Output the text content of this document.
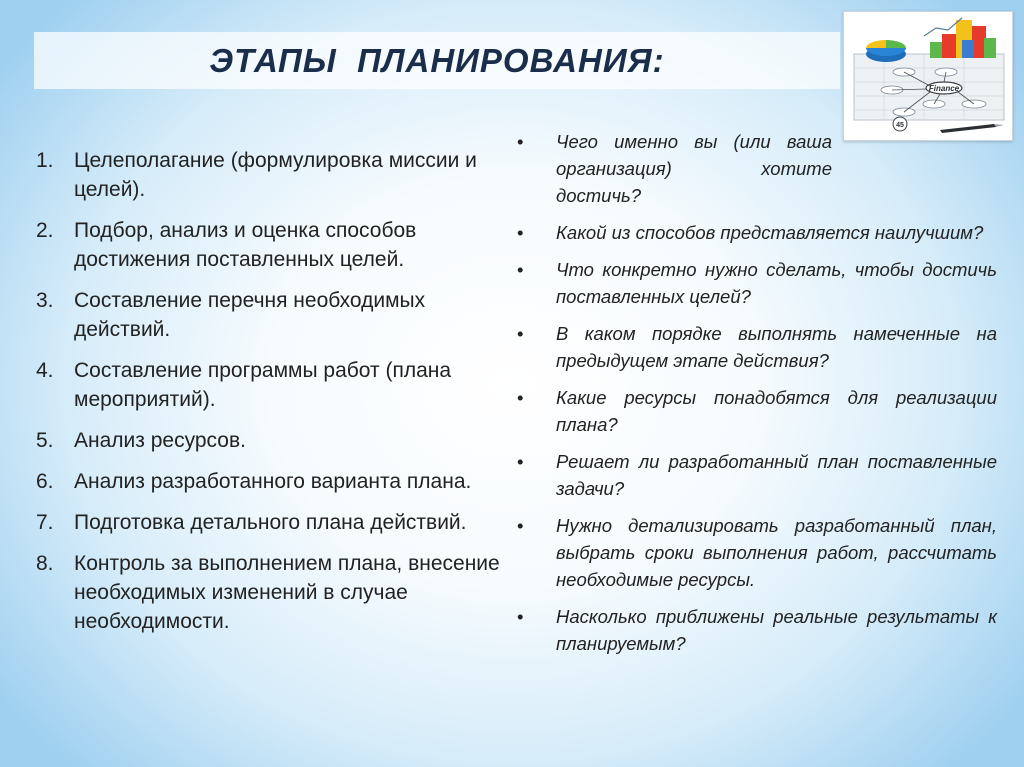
ЭТАПЫ  ПЛАНИРОВАНИЯ:
Finance
45
1. Целеполагание (формулировка миссии и целей).
2. Подбор, анализ и оценка способов достижения поставленных целей.
3. Составление перечня необходимых действий.
4. Составление программы работ (плана мероприятий).
5. Анализ ресурсов.
6. Анализ разработанного варианта плана.
7. Подготовка детального плана действий.
8. Контроль за выполнением плана, внесение необходимых изменений в случае необходимости.
•	Чего именно вы (или ваша организация) хотите достичь?
•	Какой из способов представляется наилучшим?
•	Что конкретно нужно сделать, чтобы достичь поставленных целей?
•	В каком порядке выполнять намеченные на предыдущем этапе действия?
•	Какие ресурсы понадобятся для реализации плана?
•	Решает ли разработанный план поставленные задачи?
•	Нужно детализировать разработанный план, выбрать сроки выполнения работ, рассчитать необходимые ресурсы.
•	Насколько приближены реальные результаты к планируемым?
